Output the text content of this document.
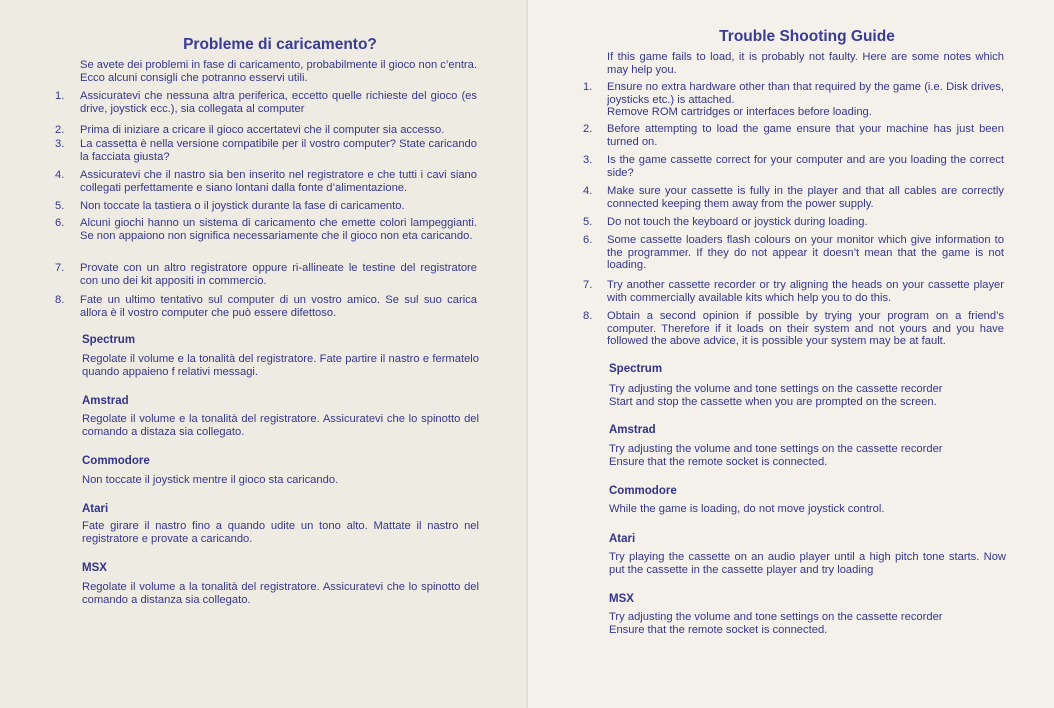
Probleme di caricamento?
Se avete dei problemi in fase di caricamento, probabilmente il gioco non c’entra. Ecco alcuni consigli che potranno esservi utili.
1. Assicuratevi che nessuna altra periferica, eccetto quelle richieste del gioco (es drive, joystick ecc.), sia collegata al computer
2. Prima di iniziare a cricare il gioco accertatevi che il computer sia accesso.
3. La cassetta è nella versione compatibile per il vostro computer? State caricando la facciata giusta?
4. Assicuratevi che il nastro sia ben inserito nel registratore e che tutti i cavi siano collegati perfettamente e siano lontani dalla fonte d’alimentazione.
5. Non toccate la tastiera o il joystick durante la fase di caricamento.
6. Alcuni giochi hanno un sistema di caricamento che emette colori lampeggianti. Se non appaiono non significa necessariamente che il gioco non eta caricando.
7. Provate con un altro registratore oppure ri-allineate le testine del registratore con uno dei kit appositi in commercio.
8. Fate un ultimo tentativo sul computer di un vostro amico. Se sul suo carica allora è il vostro computer che può essere difettoso.
Spectrum
Regolate il volume e la tonalità del registratore. Fate partire il nastro e fermatelo quando appaieno f relativi messagi.
Amstrad
Regolate il volume e la tonalità del registratore. Assicuratevi che lo spinotto del comando a distaza sia collegato.
Commodore
Non toccate il joystick mentre il gioco sta caricando.
Atari
Fate girare il nastro fino a quando udite un tono alto. Mattate il nastro nel registratore e provate a caricando.
MSX
Regolate il volume a la tonalità del registratore. Assicuratevi che lo spinotto del comando a distanza sia collegato.
Trouble Shooting Guide
If this game fails to load, it is probably not faulty. Here are some notes which may help you.
1. Ensure no extra hardware other than that required by the game (i.e. Disk drives, joysticks etc.) is attached.
Remove ROM cartridges or interfaces before loading.
2. Before attempting to load the game ensure that your machine has just been turned on.
3. Is the game cassette correct for your computer and are you loading the correct side?
4. Make sure your cassette is fully in the player and that all cables are correctly connected keeping them away from the power supply.
5. Do not touch the keyboard or joystick during loading.
6. Some cassette loaders flash colours on your monitor which give information to the programmer. If they do not appear it doesn’t mean that the game is not loading.
7. Try another cassette recorder or try aligning the heads on your cassette player with commercially available kits which help you to do this.
8. Obtain a second opinion if possible by trying your program on a friend’s computer. Therefore if it loads on their system and not yours and you have followed the above advice, it is possible your system may be at fault.
Spectrum
Try adjusting the volume and tone settings on the cassette recorder
Start and stop the cassette when you are prompted on the screen.
Amstrad
Try adjusting the volume and tone settings on the cassette recorder
Ensure that the remote socket is connected.
Commodore
While the game is loading, do not move joystick control.
Atari
Try playing the cassette on an audio player until a high pitch tone starts. Now put the cassette in the cassette player and try loading
MSX
Try adjusting the volume and tone settings on the cassette recorder
Ensure that the remote socket is connected.
